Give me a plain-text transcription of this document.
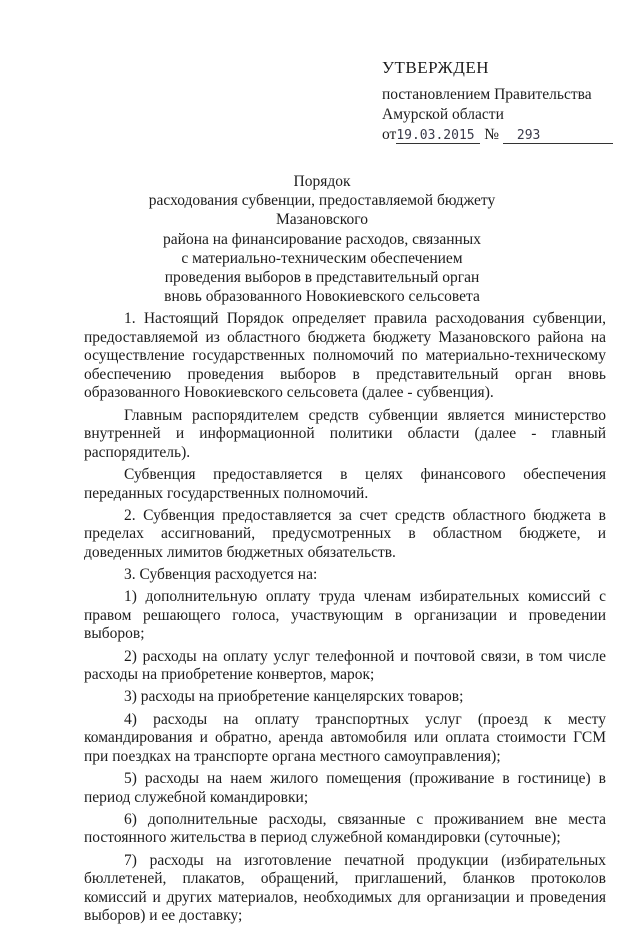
УТВЕРЖДЕН
постановлением Правительства
Амурской области
от19.03.2015 № 293
Порядок
расходования субвенции, предоставляемой бюджету Мазановского
района на финансирование расходов, связанных
с материально-техническим обеспечением
проведения выборов в представительный орган
вновь образованного Новокиевского сельсовета

1. Настоящий Порядок определяет правила расходования субвенции, предоставляемой из областного бюджета бюджету Мазановского района на осуществление государственных полномочий по материально-техническому обеспечению проведения выборов в представительный орган вновь образованного Новокиевского сельсовета (далее - субвенция).

Главным распорядителем средств субвенции является министерство внутренней и информационной политики области (далее - главный распорядитель).

Субвенция предоставляется в целях финансового обеспечения переданных государственных полномочий.

2. Субвенция предоставляется за счет средств областного бюджета в пределах ассигнований, предусмотренных в областном бюджете, и доведенных лимитов бюджетных обязательств.

3. Субвенция расходуется на:

1) дополнительную оплату труда членам избирательных комиссий с правом решающего голоса, участвующим в организации и проведении выборов;

2) расходы на оплату услуг телефонной и почтовой связи, в том числе расходы на приобретение конвертов, марок;

3) расходы на приобретение канцелярских товаров;

4) расходы на оплату транспортных услуг (проезд к месту командирования и обратно, аренда автомобиля или оплата стоимости ГСМ при поездках на транспорте органа местного самоуправления);

5) расходы на наем жилого помещения (проживание в гостинице) в период служебной командировки;

6) дополнительные расходы, связанные с проживанием вне места постоянного жительства в период служебной командировки (суточные);

7) расходы на изготовление печатной продукции (избирательных бюллетеней, плакатов, обращений, приглашений, бланков протоколов комиссий и других материалов, необходимых для организации и проведения выборов) и ее доставку;
